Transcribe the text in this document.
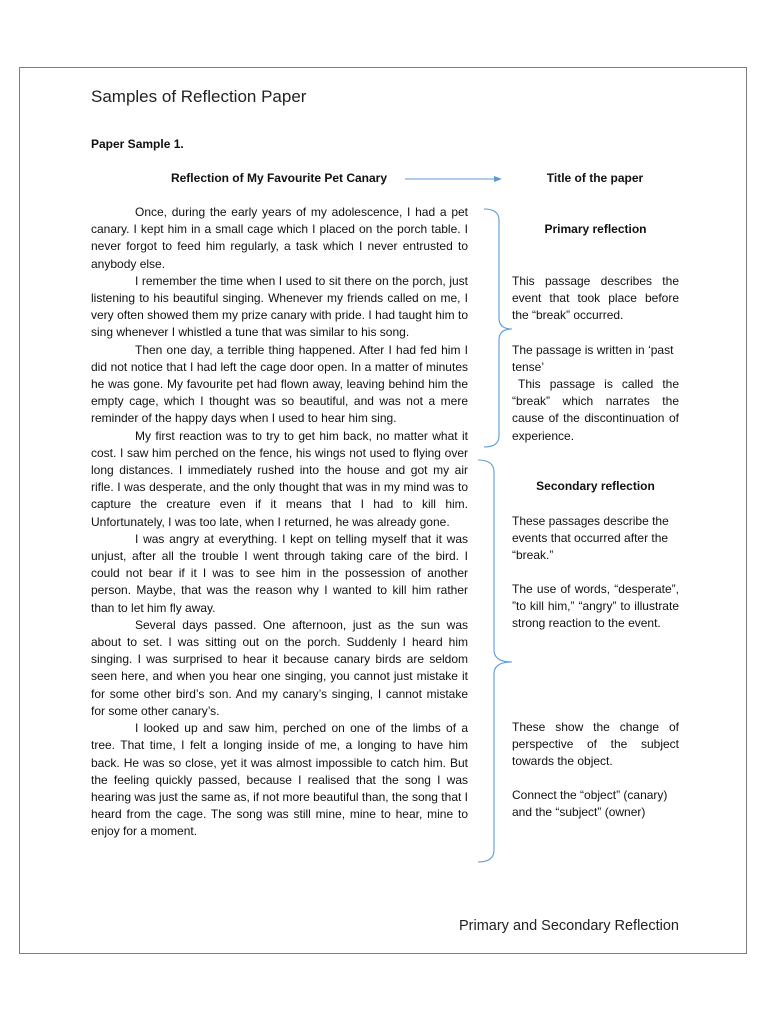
Samples of Reflection Paper
Paper Sample 1.
Reflection of My Favourite Pet Canary	Title of the paper

Once, during the early years of my adolescence, I had a pet canary. I kept him in a small cage which I placed on the porch table. I never forgot to feed him regularly, a task which I never entrusted to anybody else.

I remember the time when I used to sit there on the porch, just listening to his beautiful singing. Whenever my friends called on me, I very often showed them my prize canary with pride. I had taught him to sing whenever I whistled a tune that was similar to his song.

Then one day, a terrible thing happened. After I had fed him I did not notice that I had left the cage door open. In a matter of minutes he was gone. My favourite pet had flown away, leaving behind him the empty cage, which I thought was so beautiful, and was not a mere reminder of the happy days when I used to hear him sing.

My first reaction was to try to get him back, no matter what it cost. I saw him perched on the fence, his wings not used to flying over long distances. I immediately rushed into the house and got my air rifle. I was desperate, and the only thought that was in my mind was to capture the creature even if it means that I had to kill him. Unfortunately, I was too late, when I returned, he was already gone.

I was angry at everything. I kept on telling myself that it was unjust, after all the trouble I went through taking care of the bird. I could not bear if it I was to see him in the possession of another person. Maybe, that was the reason why I wanted to kill him rather than to let him fly away.

Several days passed. One afternoon, just as the sun was about to set. I was sitting out on the porch. Suddenly I heard him singing. I was surprised to hear it because canary birds are seldom seen here, and when you hear one singing, you cannot just mistake it for some other bird’s son. And my canary’s singing, I cannot mistake for some other canary’s.

I looked up and saw him, perched on one of the limbs of a tree. That time, I felt a longing inside of me, a longing to have him back. He was so close, yet it was almost impossible to catch him. But the feeling quickly passed, because I realised that the song I was hearing was just the same as, if not more beautiful than, the song that I heard from the cage. The song was still mine, mine to hear, mine to enjoy for a moment.

Primary reflection
This passage describes the event that took place before the “break” occurred.
The passage is written in ‘past tense’
This passage is called the “break” which narrates the cause of the discontinuation of experience.
Secondary reflection
These passages describe the events that occurred after the “break.”
The use of words, “desperate”, ”to kill him,” “angry” to illustrate strong reaction to the event.
These show the change of perspective of the subject towards the object.
Connect the “object” (canary) and the “subject” (owner)
Primary and Secondary Reflection
